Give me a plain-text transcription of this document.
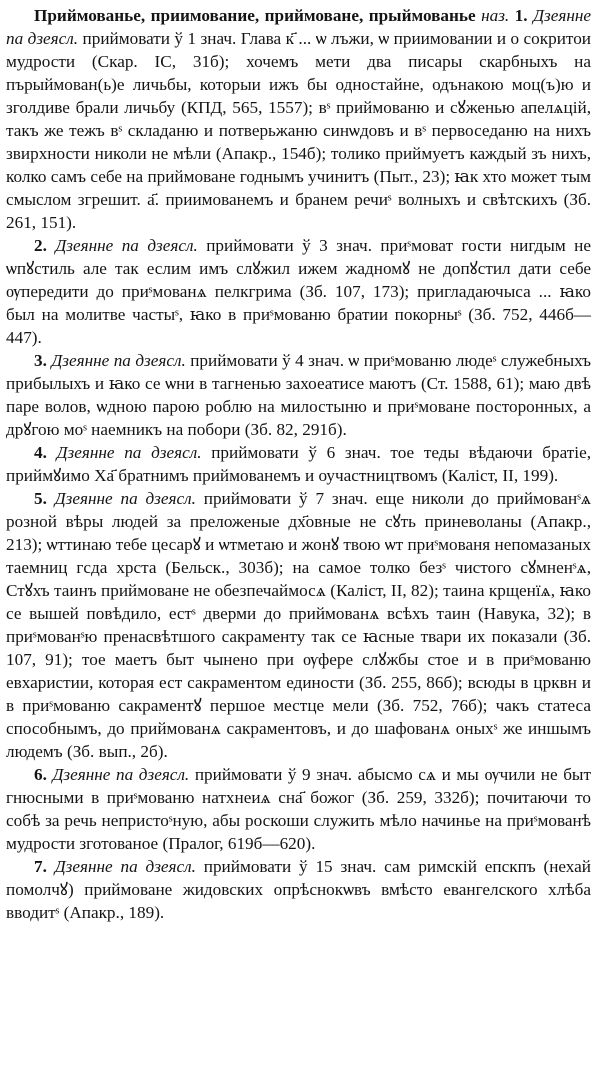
Приймованьe, приимование, приймоване, прыймованье наз. 1. Дзеянне па дзеясл. приймовати ў 1 знач. Глава к҃ ... ѡ лъжи, ѡ приимовании и о сокритои мудрости (Скар. IC, 31б); хочемъ мети два писары скарбныхъ на пърыймован(ь)е личьбы, которыи ижъ бы одностайне, одънакою моц(ъ)ю и зголдиве брали личьбу (КПД, 565, 1557); вˢ приймованю и сꙋженью апелѧцій, такъ же тежъ вˢ складаню и потверьжаню синѡдовъ и вˢ первоседаню на нихъ звирхности николи не мѣли (Апакр., 154б); толико приймуетъ каждый зъ нихъ, колко самъ себе на приймоване годнымъ учинитъ (Пыт., 23); ꙗк хто может тым смыслом згрешит. а҃. приимованемъ и бранем речиˢ волныхъ и свѣтскихъ (Зб. 261, 151).

2. Дзеянне па дзеясл. приймовати ў 3 знач. приˢмоват гости нигдым не ѡпꙋстиль але так еслим имъ слꙋжил ижем жадномꙋ не допꙋстил дати себе ѹпередити до приˢмованѧ пелкгрима (Зб. 107, 173); пригладаючыса ... ꙗко был на молитве частыˢ, ꙗко в приˢмованю братии покорныˢ (Зб. 752, 446б—447).

3. Дзеянне па дзеясл. приймовати ў 4 знач. ѡ приˢмованю людеˢ служебныхъ прибылыхъ и ꙗко се ѡни в тагненью захоеатисе маютъ (Ст. 1588, 61); маю двѣ паре волов, ѡдною парою роблю на милостыню и приˢмоване посторонных, а дрꙋгою моˢ наемникъ на побори (Зб. 82, 291б).

4. Дзеянне па дзеясл. приймовати ў 6 знач. тое теды вѣдаючи братіе, приймꙋимо Ха҃ братнимъ приймованемъ и оучастництвомъ (Каліст, II, 199).

5. Дзеянне па дзеясл. приймовати ў 7 знач. еще николи до приймованˢѧ розной вѣры людей за преложеные дх҃овные не сꙋть приневоланы (Апакр., 213); ѡттинаю тебе цесарꙋ и ѡтметаю и жонꙋ твою ѡт приˢмованя непомазаных таемниц гсда хрста (Бельск., 303б); на самое толко безˢ чистого сꙋмненˢѧ, Стꙋхъ таинъ приймоване не обезпечаймосѧ (Каліст, II, 82); таина крщенїѧ, ꙗко се вышей повѣдило, естˢ дверми до приймованѧ всѣхъ таин (Навука, 32); в приˢмованˢю пренасвѣтшого сакраменту так се ꙗсные твари их показали (Зб. 107, 91); тое маетъ быт чынено при ѹфере слꙋжбы стое и в приˢмованю евхаристии, которая ест сакраментом единости (Зб. 255, 86б); всюды в црквн и в приˢмованю сакраментꙋ першое местце мели (Зб. 752, 76б); чакъ статеса способнымъ, до приймованѧ сакраментовъ, и до шафованѧ оныхˢ же иншымъ людемъ (Зб. вып., 2б).

6. Дзеянне па дзеясл. приймовати ў 9 знач. абысмо сѧ и мы ѹчили не быт гнюсными в приˢмованю натхнеиѧ сна҃ божог (Зб. 259, 332б); почитаючи то собѣ за речь непристоˢную, абы роскоши служить мѣло начинье на приˢмованѣ мудрости зготованое (Пралог, 619б—620).

7. Дзеянне па дзеясл. приймовати ў 15 знач. сам римскій епскпъ (нехай помолчꙋ) приймоване жидовских опрѣснокѡвъ вмѣсто евангелского хлѣба вводитˢ (Апакр., 189).
